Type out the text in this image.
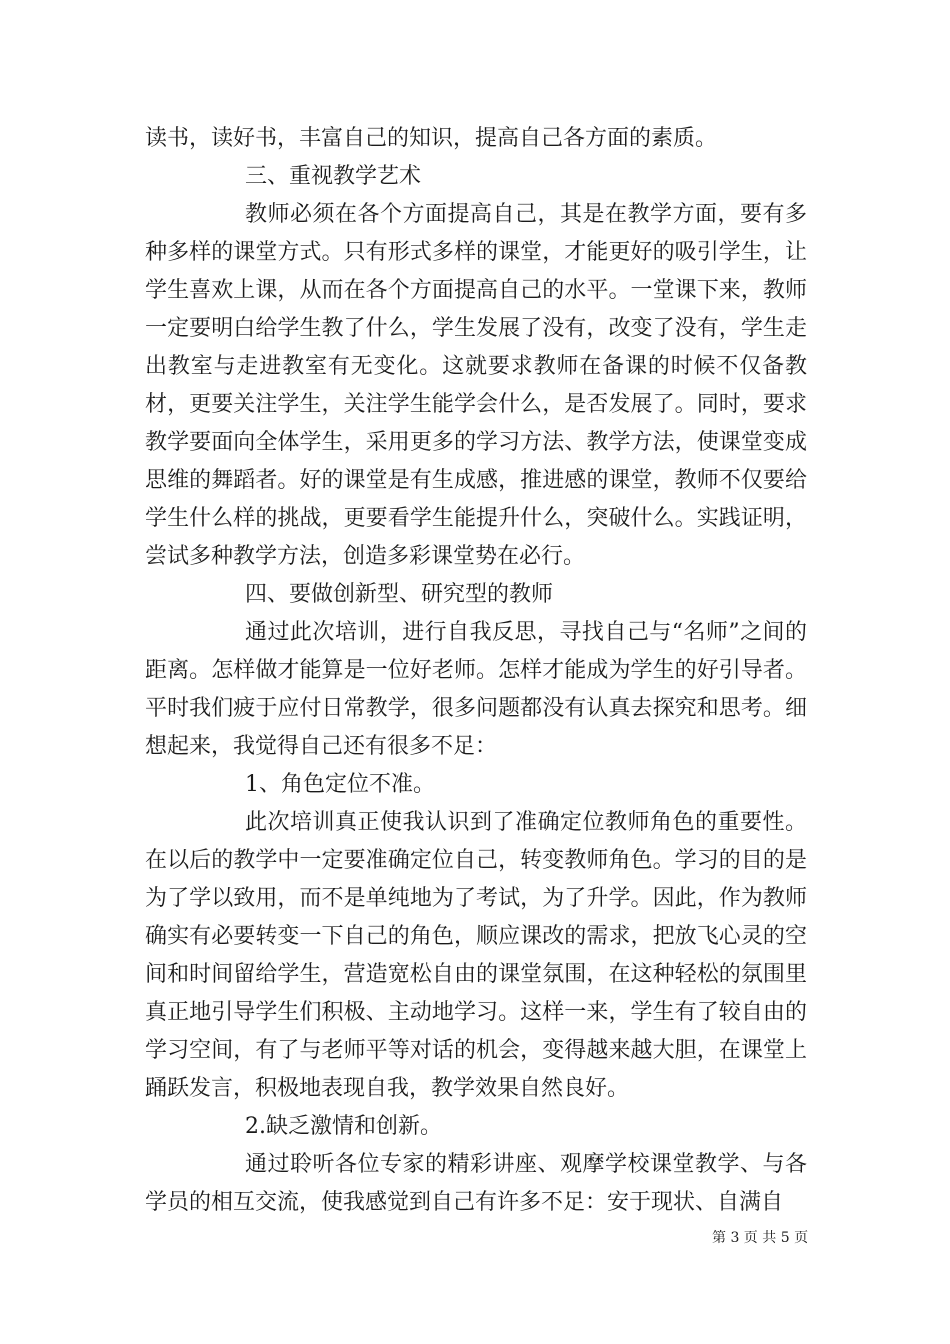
读书，读好书，丰富自己的知识，提高自己各方面的素质。

三、重视教学艺术

教师必须在各个方面提高自己，其是在教学方面，要有多种多样的课堂方式。只有形式多样的课堂，才能更好的吸引学生，让学生喜欢上课，从而在各个方面提高自己的水平。一堂课下来，教师一定要明白给学生教了什么，学生发展了没有，改变了没有，学生走出教室与走进教室有无变化。这就要求教师在备课的时候不仅备教材，更要关注学生，关注学生能学会什么，是否发展了。同时，要求教学要面向全体学生，采用更多的学习方法、教学方法，使课堂变成思维的舞蹈者。好的课堂是有生成感，推进感的课堂，教师不仅要给学生什么样的挑战，更要看学生能提升什么，突破什么。实践证明，尝试多种教学方法，创造多彩课堂势在必行。

四、要做创新型、研究型的教师

通过此次培训，进行自我反思，寻找自己与“名师”之间的距离。怎样做才能算是一位好老师。怎样才能成为学生的好引导者。平时我们疲于应付日常教学，很多问题都没有认真去探究和思考。细想起来，我觉得自己还有很多不足：

1、角色定位不准。

此次培训真正使我认识到了准确定位教师角色的重要性。在以后的教学中一定要准确定位自己，转变教师角色。学习的目的是为了学以致用，而不是单纯地为了考试，为了升学。因此，作为教师确实有必要转变一下自己的角色，顺应课改的需求，把放飞心灵的空间和时间留给学生，营造宽松自由的课堂氛围，在这种轻松的氛围里真正地引导学生们积极、主动地学习。这样一来，学生有了较自由的学习空间，有了与老师平等对话的机会，变得越来越大胆，在课堂上踊跃发言，积极地表现自我，教学效果自然良好。

2.缺乏激情和创新。

通过聆听各位专家的精彩讲座、观摩学校课堂教学、与各学员的相互交流，使我感觉到自己有许多不足：安于现状、自满自

第 3 页 共 5 页
